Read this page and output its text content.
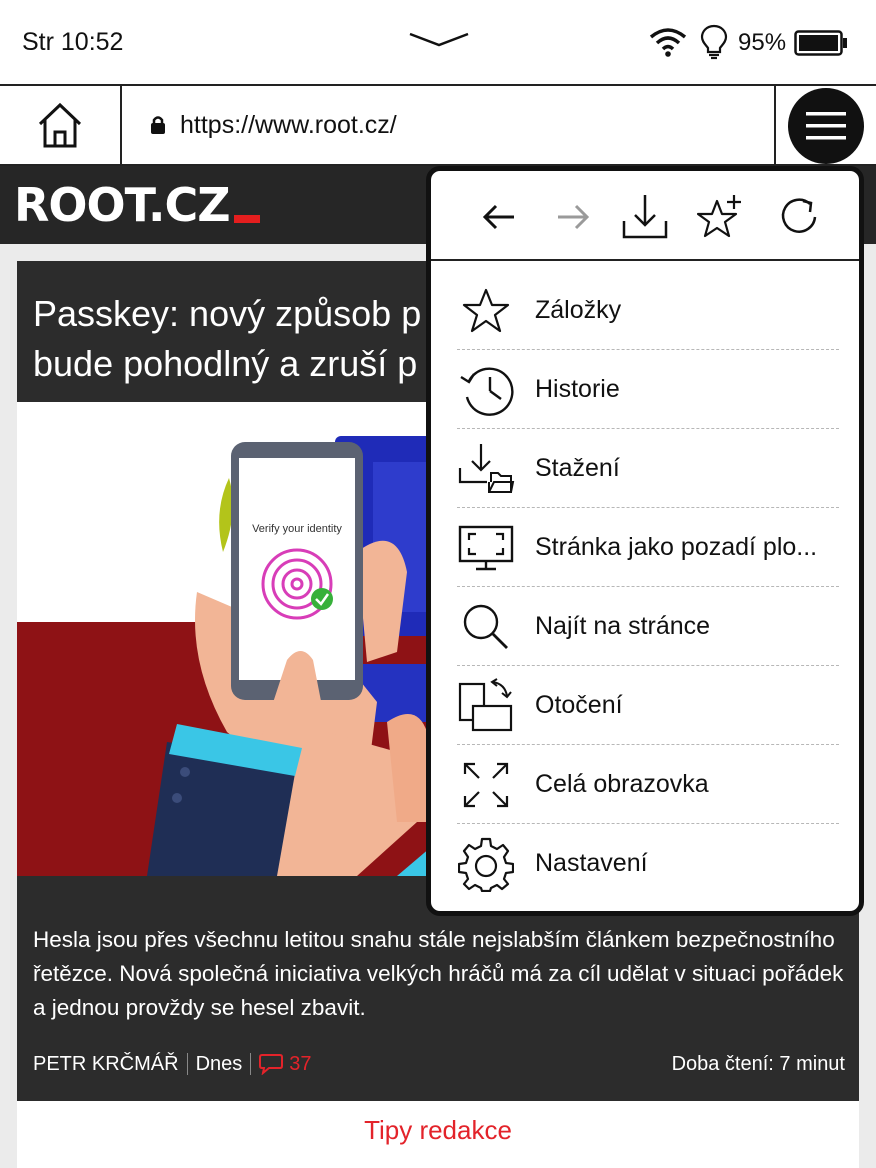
Str 10:52	95%
https://www.root.cz/
ROOT.CZ
Passkey: nový způsob p
bude pohodlný a zruší p
Verify your identity
Hesla jsou přes všechnu letitou snahu stále nejslabším článkem bezpečnostního řetězce. Nová společná iniciativa velkých hráčů má za cíl udělat v situaci pořádek a jednou provždy se hesel zbavit.
PETR KRČMÁŘ Dnes 37	Doba čtení: 7 minut
Tipy redakce
Záložky
Historie
Stažení
Stránka jako pozadí plo...
Najít na stránce
Otočení
Celá obrazovka
Nastavení
